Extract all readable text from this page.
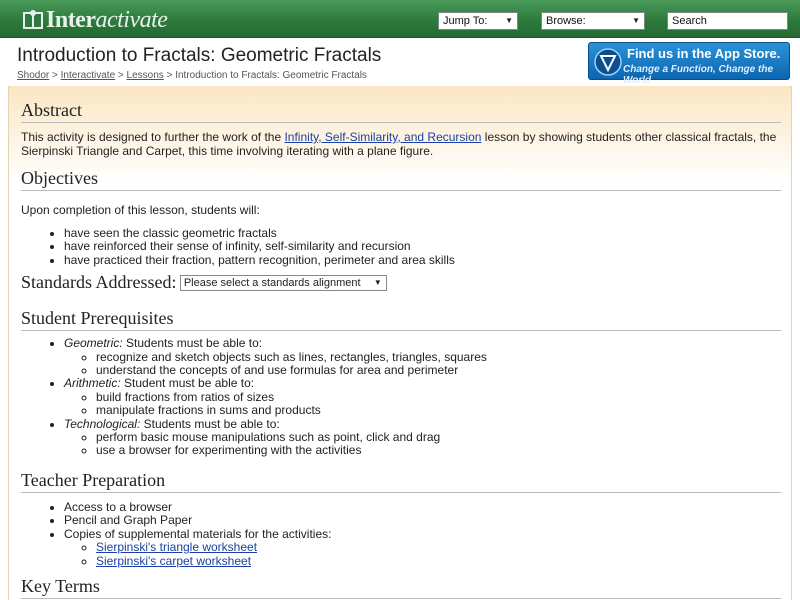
Interactivate	Jump To: ▼	Browse:	▼	Search
Introduction to Fractals: Geometric Fractals
Shodor > Interactivate > Lessons > Introduction to Fractals: Geometric Fractals
Find us in the App Store.
Change a Function, Change the World
Abstract

This activity is designed to further the work of the Infinity, Self-Similarity, and Recursion lesson by showing students other classical fractals, the Sierpinski Triangle and Carpet, this time involving iterating with a plane figure.

Objectives

Upon completion of this lesson, students will:

• have seen the classic geometric fractals
• have reinforced their sense of infinity, self-similarity and recursion
• have practiced their fraction, pattern recognition, perimeter and area skills
Standards Addressed: Please select a standards alignment ▼
Student Prerequisites
• Geometric: Students must be able to:
◦ recognize and sketch objects such as lines, rectangles, triangles, squares
◦ understand the concepts of and use formulas for area and perimeter
• Arithmetic: Student must be able to:
◦ build fractions from ratios of sizes
◦ manipulate fractions in sums and products
• Technological: Students must be able to:
◦ perform basic mouse manipulations such as point, click and drag
◦ use a browser for experimenting with the activities
Teacher Preparation
• Access to a browser
• Pencil and Graph Paper
• Copies of supplemental materials for the activities:
◦ Sierpinski's triangle worksheet
◦ Sierpinski's carpet worksheet
Key Terms
